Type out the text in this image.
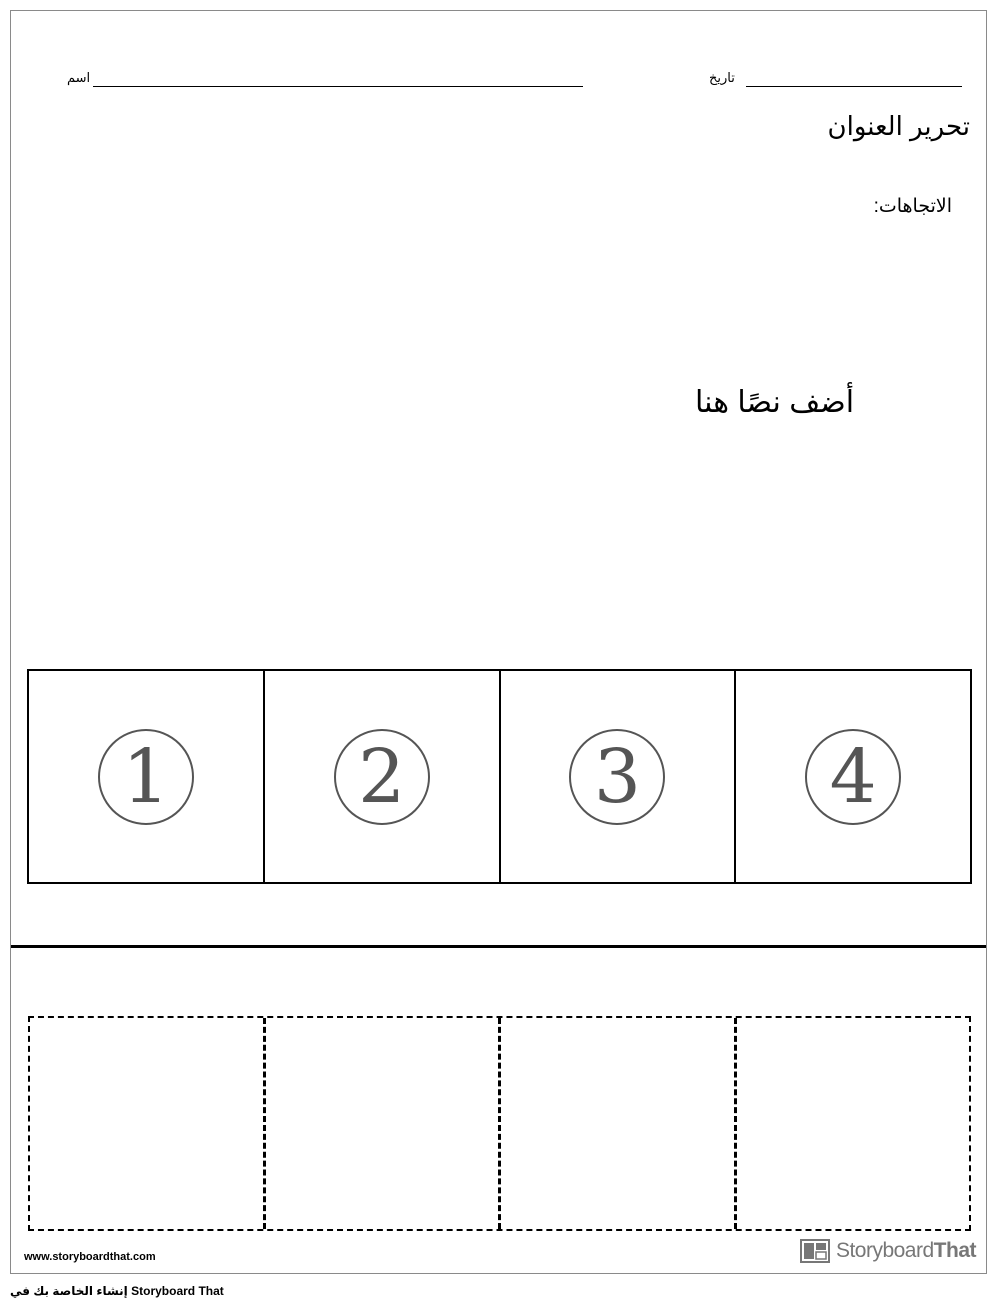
اسم	تاريخ
تحرير العنوان
الاتجاهات:
أضف نصًا هنا
1	2	3	4
www.storyboardthat.com	StoryboardThat
إنشاء الخاصة بك في Storyboard That
